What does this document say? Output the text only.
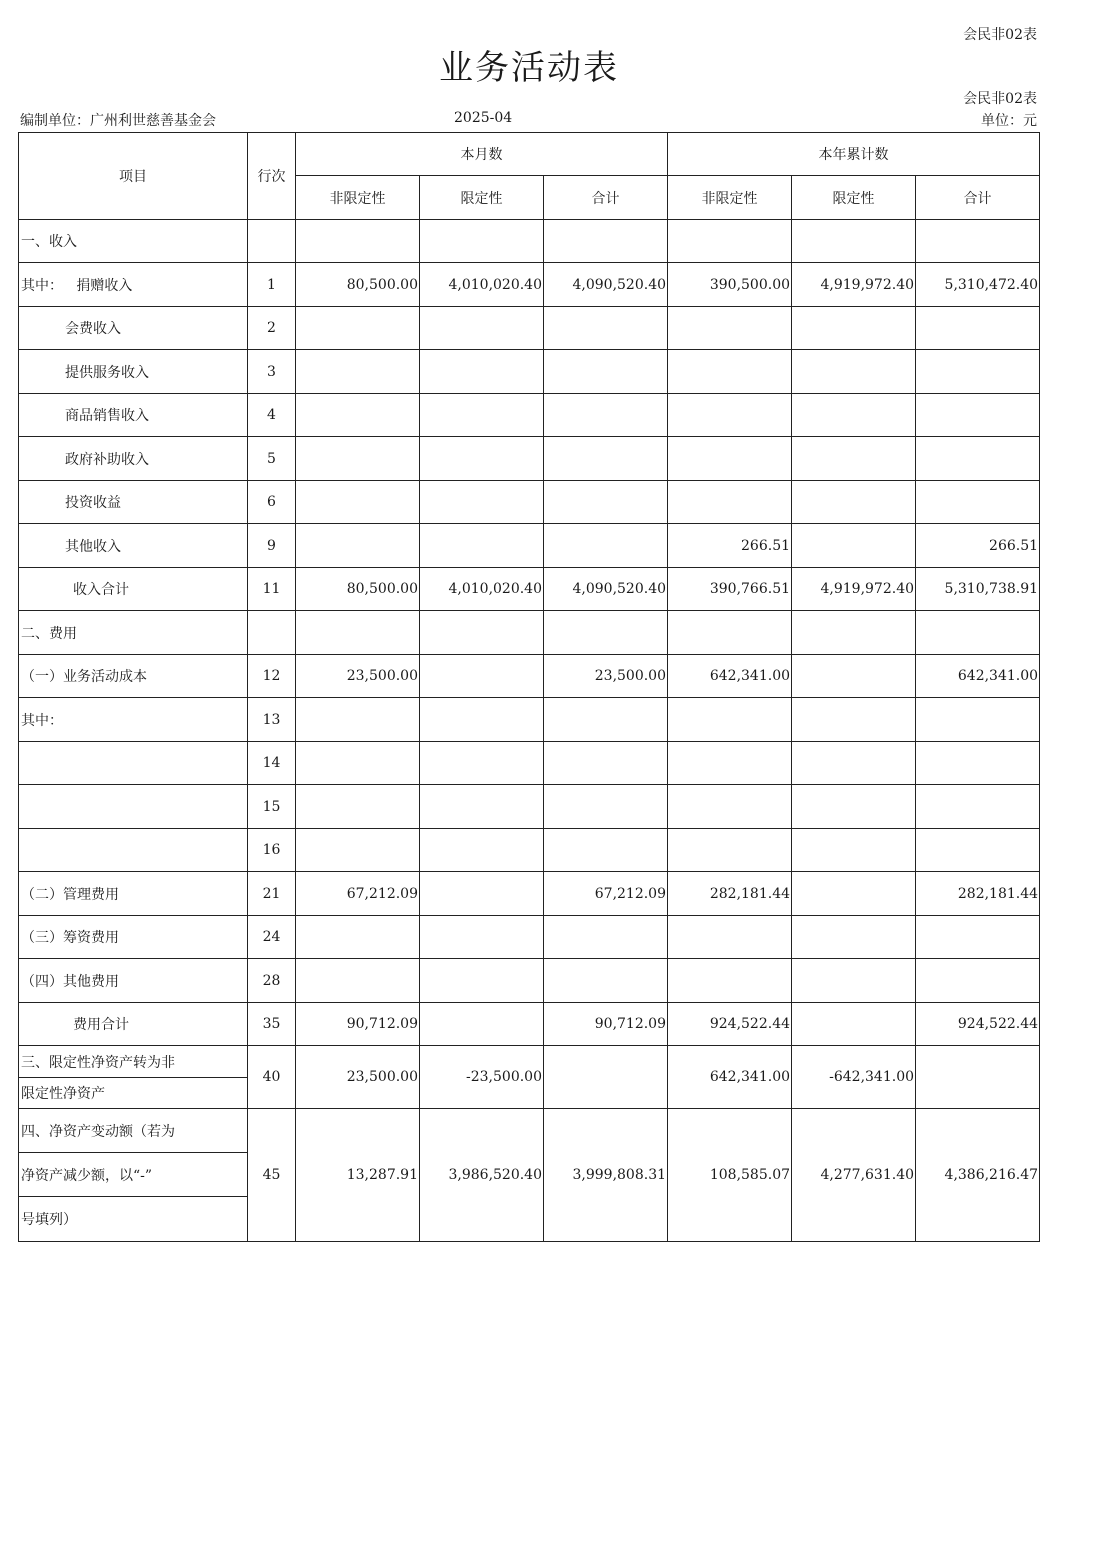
会民非02表
业务活动表
会民非02表
编制单位：广州利世慈善基金会	2025-04	单位：元
项目	行次	本月数			本年累计数		
		非限定性	限定性	合计	非限定性	限定性	合计
一、收入							
其中：   捐赠收入	1	80,500.00	4,010,020.40	4,090,520.40	390,500.00	4,919,972.40	5,310,472.40
会费收入	2						
提供服务收入	3						
商品销售收入	4						
政府补助收入	5						
投资收益	6						
其他收入	9				266.51		266.51
收入合计	11	80,500.00	4,010,020.40	4,090,520.40	390,766.51	4,919,972.40	5,310,738.91
二、费用							
（一）业务活动成本	12	23,500.00		23,500.00	642,341.00		642,341.00
其中：	13						
	14						
	15						
	16						
（二）管理费用	21	67,212.09		67,212.09	282,181.44		282,181.44
（三）筹资费用	24						
（四）其他费用	28						
费用合计	35	90,712.09		90,712.09	924,522.44		924,522.44

三、限定性净资产转为非
限定性净资产	40	23,500.00	-23,500.00		642,341.00	-642,341.00	

四、净资产变动额（若为
净资产减少额，以“-”
号填列）	45	13,287.91	3,986,520.40	3,999,808.31	108,585.07	4,277,631.40	4,386,216.47
